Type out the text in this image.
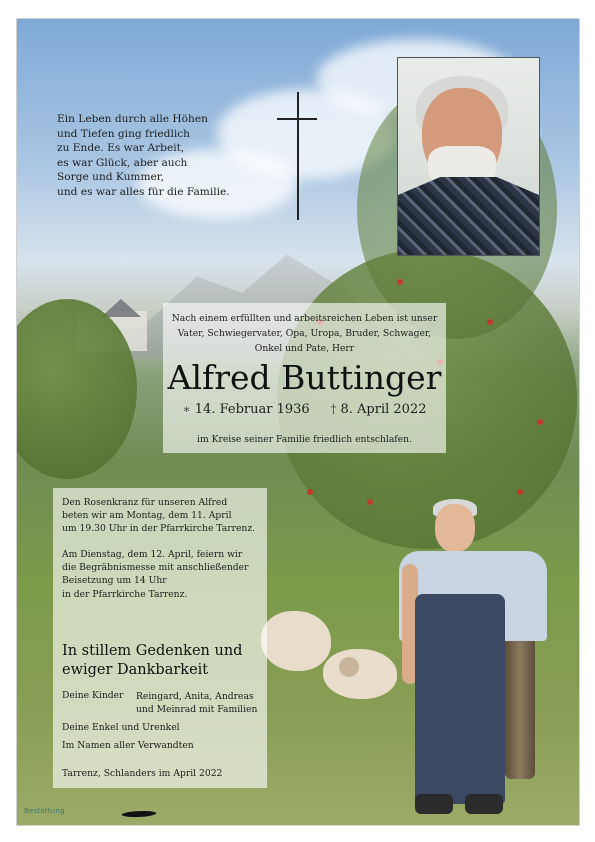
Ein Leben durch alle Höhen
und Tiefen ging friedlich
zu Ende. Es war Arbeit,
es war Glück, aber auch
Sorge und Kummer,
und es war alles für die Familie.
Nach einem erfüllten und arbeitsreichen Leben ist unser
Vater, Schwiegervater, Opa, Uropa, Bruder, Schwager,
Onkel und Pate, Herr
Alfred Buttinger
∗ 14. Februar 1936 † 8. April 2022
im Kreise seiner Familie friedlich entschlafen.
Den Rosenkranz für unseren Alfred
beten wir am Montag, dem 11. April
um 19.30 Uhr in der Pfarrkirche Tarrenz.
Am Dienstag, dem 12. April, feiern wir
die Begräbnismesse mit anschließender
Beisetzung um 14 Uhr
in der Pfarrkirche Tarrenz.
In stillem Gedenken und
ewiger Dankbarkeit
Deine Kinder Reingard, Anita, Andreas
und Meinrad mit Familien
Deine Enkel und Urenkel
Im Namen aller Verwandten
Tarrenz, Schlanders im April 2022
Bestattung
